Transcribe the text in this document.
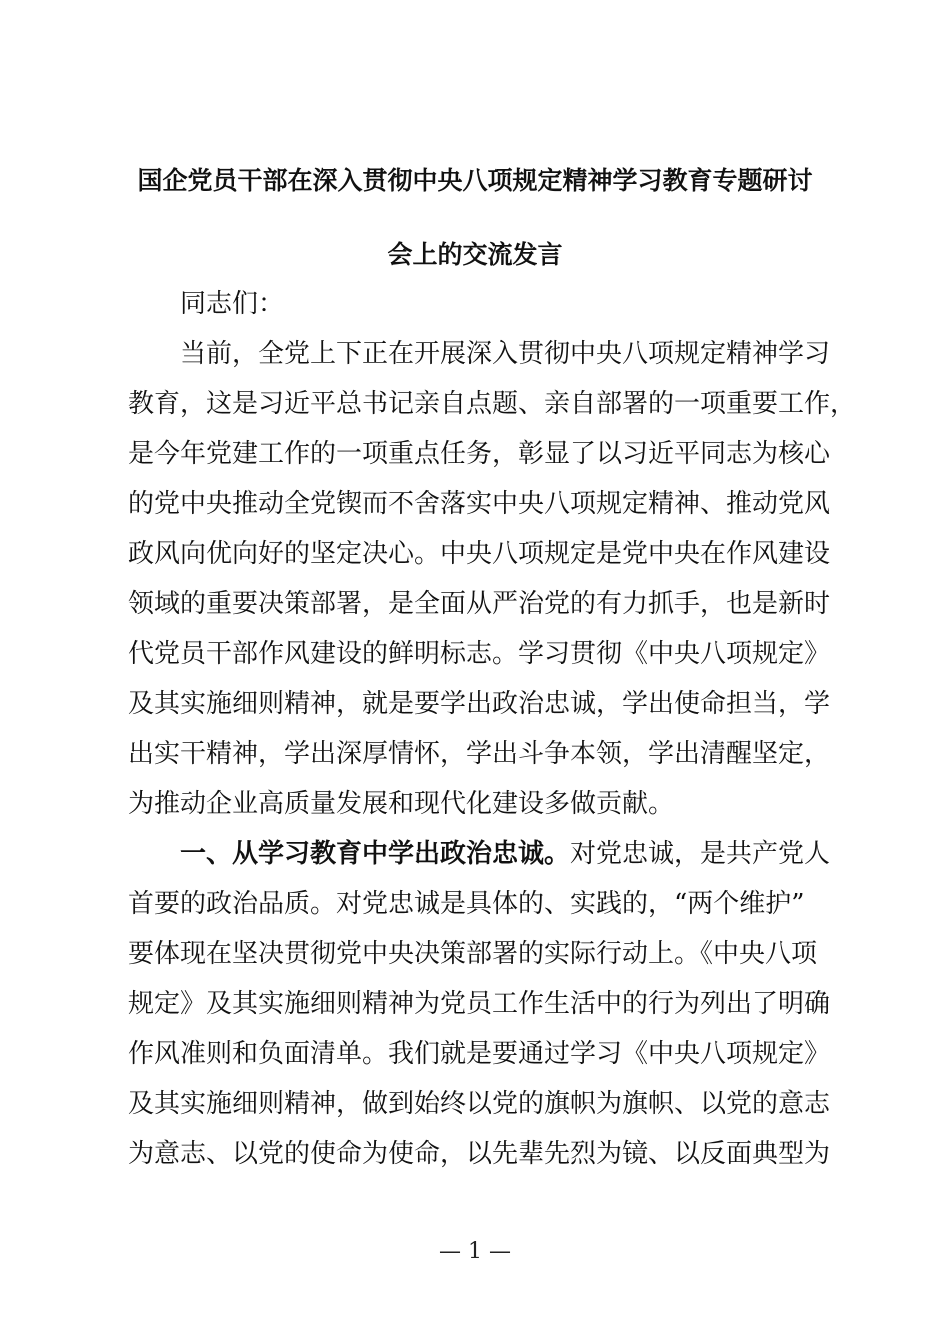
国企党员干部在深入贯彻中央八项规定精神学习教育专题研讨
会上的交流发言
同志们：
当前，全党上下正在开展深入贯彻中央八项规定精神学习
教育，这是习近平总书记亲自点题、亲自部署的一项重要工作，
是今年党建工作的一项重点任务，彰显了以习近平同志为核心
的党中央推动全党锲而不舍落实中央八项规定精神、推动党风
政风向优向好的坚定决心。中央八项规定是党中央在作风建设
领域的重要决策部署，是全面从严治党的有力抓手，也是新时
代党员干部作风建设的鲜明标志。学习贯彻《中央八项规定》
及其实施细则精神，就是要学出政治忠诚，学出使命担当，学
出实干精神，学出深厚情怀，学出斗争本领，学出清醒坚定，
为推动企业高质量发展和现代化建设多做贡献。
一、从学习教育中学出政治忠诚。对党忠诚，是共产党人
首要的政治品质。对党忠诚是具体的、实践的，“两个维护”
要体现在坚决贯彻党中央决策部署的实际行动上。《中央八项
规定》及其实施细则精神为党员工作生活中的行为列出了明确
作风准则和负面清单。我们就是要通过学习《中央八项规定》
及其实施细则精神，做到始终以党的旗帜为旗帜、以党的意志
为意志、以党的使命为使命，以先辈先烈为镜、以反面典型为
— 1 —
